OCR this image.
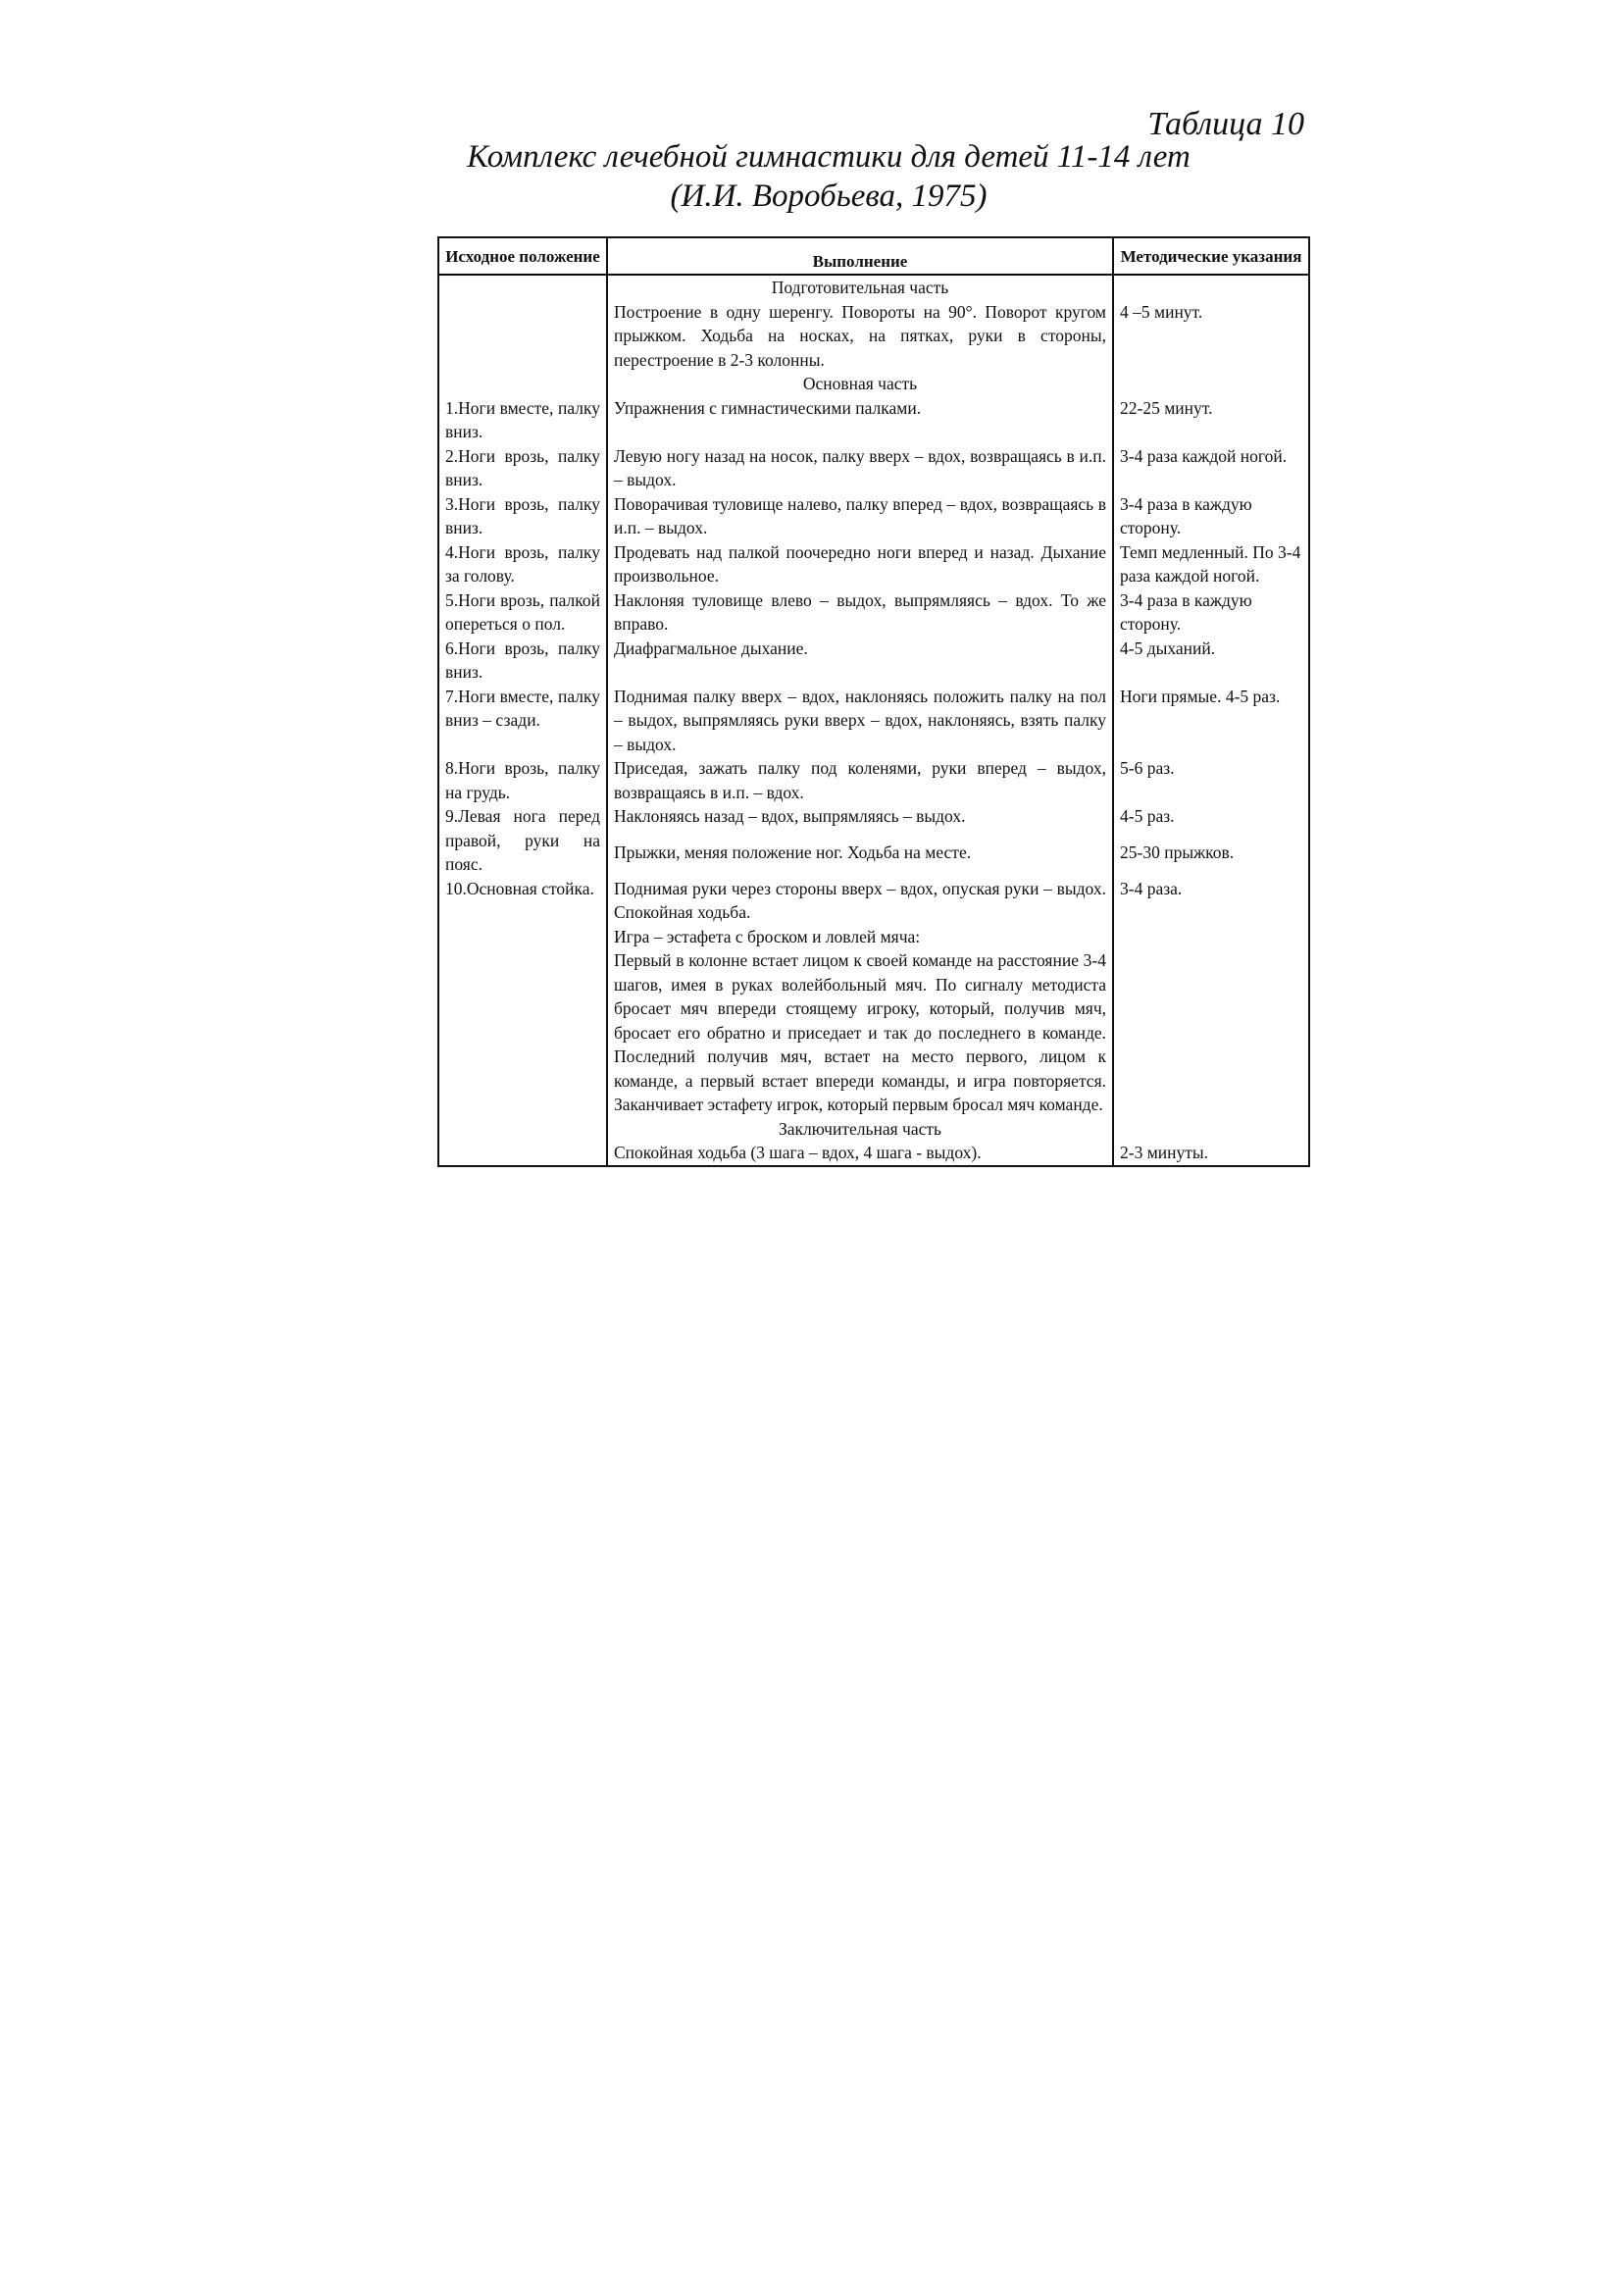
Таблица 10
Комплекс лечебной гимнастики для детей 11-14 лет
(И.И. Воробьева, 1975)
Исходное положение	Выполнение	Методические указания
	Подготовительная часть	
	Построение в одну шеренгу. Повороты на 90°. Поворот кругом прыжком. Ходьба на носках, на пятках, руки в стороны, перестроение в 2-3 колонны.	4 –5 минут.
	Основная часть	
1.Ноги вместе, палку вниз.	Упражнения с гимнастическими палками.	22-25 минут.
2.Ноги врозь, палку вниз.	Левую ногу назад на носок, палку вверх – вдох, возвращаясь в и.п. – выдох.	3-4 раза каждой ногой.
3.Ноги врозь, палку вниз.	Поворачивая туловище налево, палку вперед – вдох, возвращаясь в и.п. – выдох.	3-4 раза в каждую сторону.
4.Ноги врозь, палку за голову.	Продевать над палкой поочередно ноги вперед и назад. Дыхание произвольное.	Темп медленный. По 3-4 раза каждой ногой.
5.Ноги врозь, палкой опереться о пол.	Наклоняя туловище влево – выдох, выпрямляясь – вдох. То же вправо.	3-4 раза в каждую сторону.
6.Ноги врозь, палку вниз.	Диафрагмальное дыхание.	4-5 дыханий.
7.Ноги вместе, палку вниз – сзади.	Поднимая палку вверх – вдох, наклоняясь положить палку на пол – выдох, выпрямляясь руки вверх – вдох, наклоняясь, взять палку – выдох.	Ноги прямые. 4-5 раз.
8.Ноги врозь, палку на грудь.	Приседая, зажать палку под коленями, руки вперед – выдох, возвращаясь в и.п. – вдох.	5-6 раз.
9.Левая нога перед правой, руки на пояс.	Наклоняясь назад – вдох, выпрямляясь – выдох.	4-5 раз.
	Прыжки, меняя положение ног. Ходьба на месте.	25-30 прыжков.
10.Основная стойка.	Поднимая руки через стороны вверх – вдох, опуская руки – выдох. Спокойная ходьба.	3-4 раза.
	Игра – эстафета с броском и ловлей мяча:	
	Первый в колонне встает лицом к своей команде на расстояние 3-4 шагов, имея в руках волейбольный мяч. По сигналу методиста бросает мяч впереди стоящему игроку, который, получив мяч, бросает его обратно и приседает и так до последнего в команде. Последний получив мяч, встает на место первого, лицом к команде, а первый встает впереди команды, и игра повторяется. Заканчивает эстафету игрок, который первым бросал мяч команде.	
	Заключительная часть	
	Спокойная ходьба (3 шага – вдох, 4 шага - выдох).	2-3 минуты.
